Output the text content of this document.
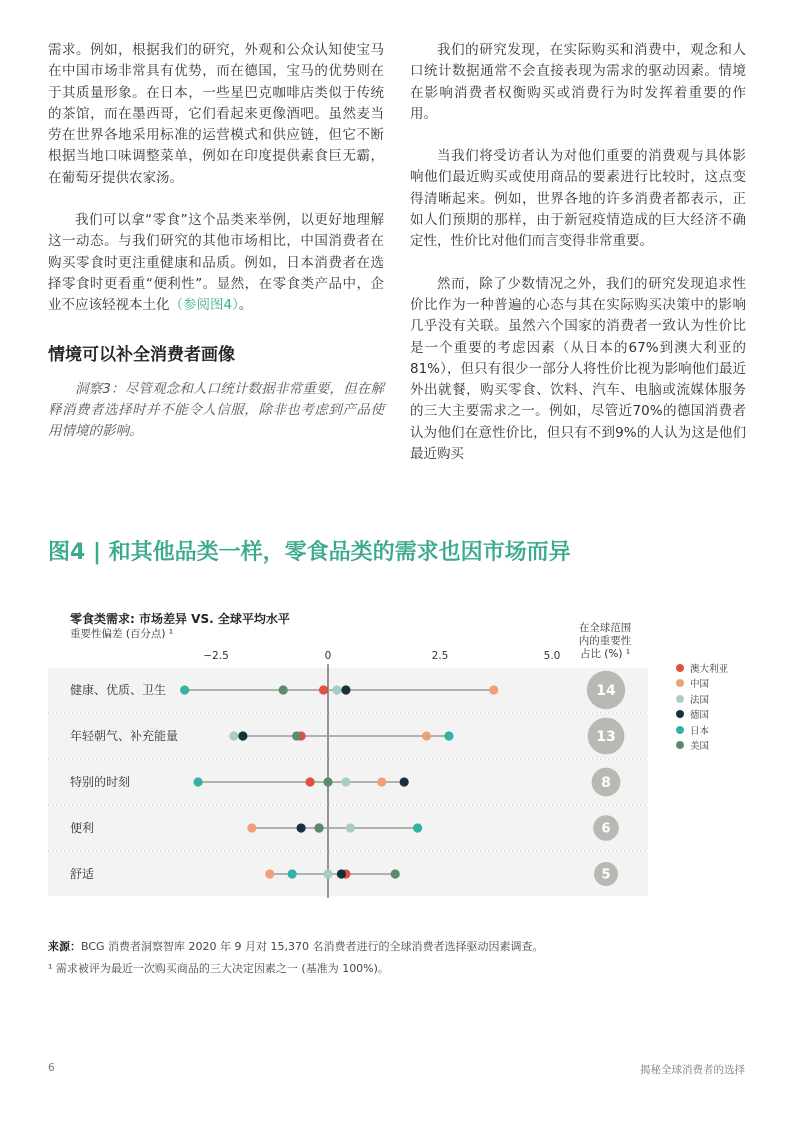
需求。例如，根据我们的研究，外观和公众认知使宝马在中国市场非常具有优势，而在德国，宝马的优势则在于其质量形象。在日本，一些星巴克咖啡店类似于传统的茶馆，而在墨西哥，它们看起来更像酒吧。虽然麦当劳在世界各地采用标准的运营模式和供应链，但它不断根据当地口味调整菜单，例如在印度提供素食巨无霸，在葡萄牙提供农家汤。

我们可以拿“零食”这个品类来举例，以更好地理解这一动态。与我们研究的其他市场相比，中国消费者在购买零食时更注重健康和品质。例如，日本消费者在选择零食时更看重“便利性”。显然，在零食类产品中，企业不应该轻视本土化（参阅图4）。

情境可以补全消费者画像

洞察3：尽管观念和人口统计数据非常重要，但在解释消费者选择时并不能令人信服，除非也考虑到产品使用情境的影响。

我们的研究发现，在实际购买和消费中，观念和人口统计数据通常不会直接表现为需求的驱动因素。情境在影响消费者权衡购买或消费行为时发挥着重要的作用。

当我们将受访者认为对他们重要的消费观与具体影响他们最近购买或使用商品的要素进行比较时，这点变得清晰起来。例如，世界各地的许多消费者都表示，正如人们预期的那样，由于新冠疫情造成的巨大经济不确定性，性价比对他们而言变得非常重要。

然而，除了少数情况之外，我们的研究发现追求性价比作为一种普遍的心态与其在实际购买决策中的影响几乎没有关联。虽然六个国家的消费者一致认为性价比是一个重要的考虑因素（从日本的67%到澳大利亚的81%），但只有很少一部分人将性价比视为影响他们最近外出就餐，购买零食、饮料、汽车、电脑或流媒体服务的三大主要需求之一。例如，尽管近70%的德国消费者认为他们在意性价比，但只有不到9%的人认为这是他们最近购买

图4 | 和其他品类一样，零食品类的需求也因市场而异
零食类需求: 市场差异 VS. 全球平均水平
重要性偏差 (百分点) ¹	在全球范围
内的重要性
占比 (%) ¹
−2.5	0	2.5	5.0
健康、优质、卫生	14
年轻朝气、补充能量	13
特别的时刻	8
便利	6
舒适	5
澳大利亚
中国
法国
德国
日本
美国
来源：BCG 消费者洞察智库 2020 年 9 月对 15,370 名消费者进行的全球消费者选择驱动因素调查。
¹ 需求被评为最近一次购买商品的三大决定因素之一 (基准为 100%)。
6	揭秘全球消费者的选择
